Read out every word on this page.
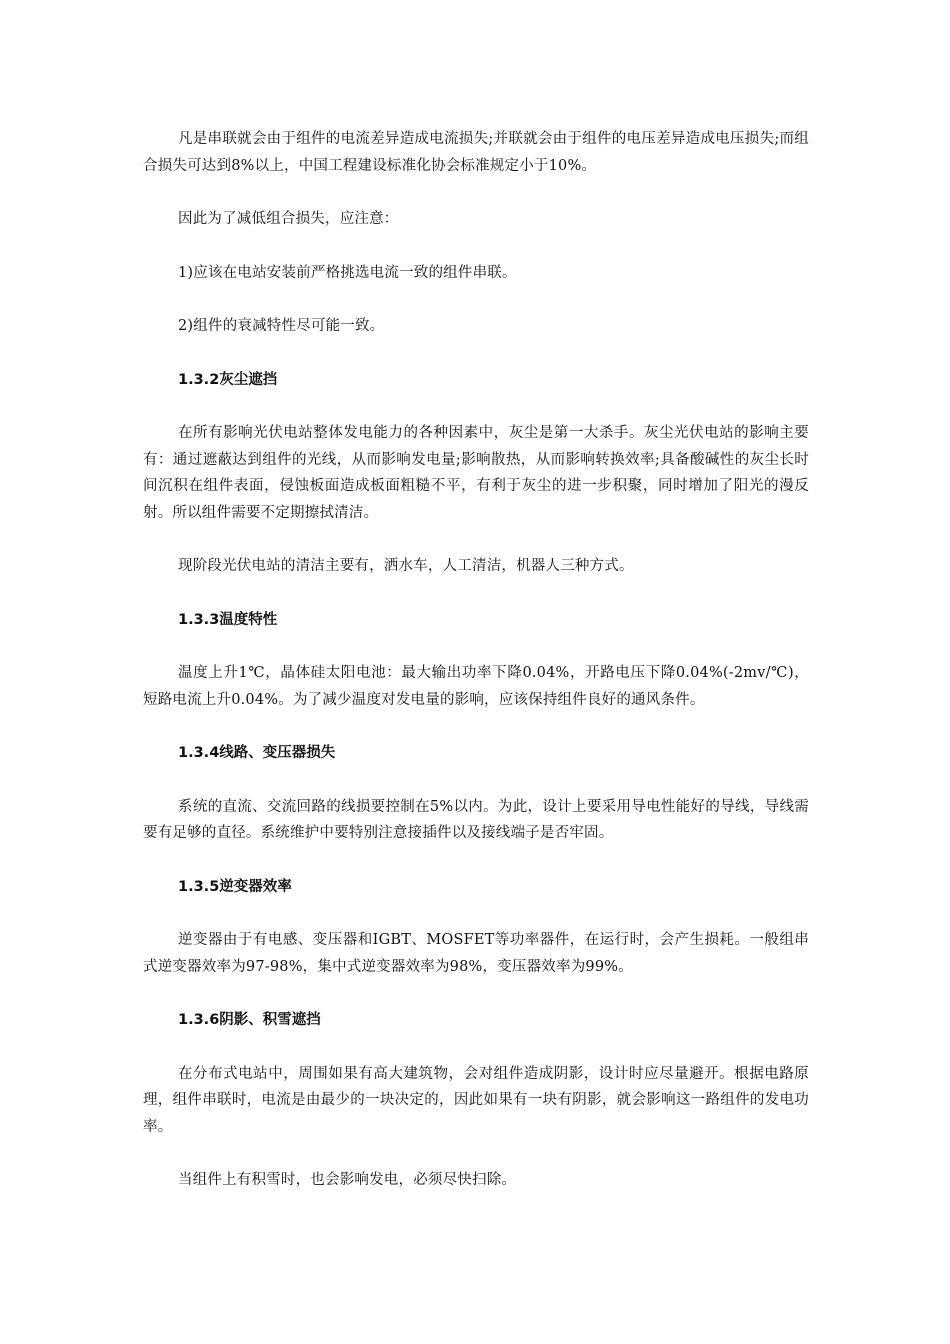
凡是串联就会由于组件的电流差异造成电流损失;并联就会由于组件的电压差异造成电压损失;而组合损失可达到8%以上，中国工程建设标准化协会标准规定小于10%。

因此为了减低组合损失，应注意：

1)应该在电站安装前严格挑选电流一致的组件串联。

2)组件的衰减特性尽可能一致。

1.3.2灰尘遮挡

在所有影响光伏电站整体发电能力的各种因素中，灰尘是第一大杀手。灰尘光伏电站的影响主要有：通过遮蔽达到组件的光线，从而影响发电量;影响散热，从而影响转换效率;具备酸碱性的灰尘长时间沉积在组件表面，侵蚀板面造成板面粗糙不平，有利于灰尘的进一步积聚，同时增加了阳光的漫反射。所以组件需要不定期擦拭清洁。

现阶段光伏电站的清洁主要有，洒水车，人工清洁，机器人三种方式。

1.3.3温度特性

温度上升1℃，晶体硅太阳电池：最大输出功率下降0.04%，开路电压下降0.04%(-2mv/℃)，短路电流上升0.04%。为了减少温度对发电量的影响，应该保持组件良好的通风条件。

1.3.4线路、变压器损失

系统的直流、交流回路的线损要控制在5%以内。为此，设计上要采用导电性能好的导线，导线需要有足够的直径。系统维护中要特别注意接插件以及接线端子是否牢固。

1.3.5逆变器效率

逆变器由于有电感、变压器和IGBT、MOSFET等功率器件，在运行时，会产生损耗。一般组串式逆变器效率为97-98%，集中式逆变器效率为98%，变压器效率为99%。

1.3.6阴影、积雪遮挡

在分布式电站中，周围如果有高大建筑物，会对组件造成阴影，设计时应尽量避开。根据电路原理，组件串联时，电流是由最少的一块决定的，因此如果有一块有阴影，就会影响这一路组件的发电功率。

当组件上有积雪时，也会影响发电，必须尽快扫除。
